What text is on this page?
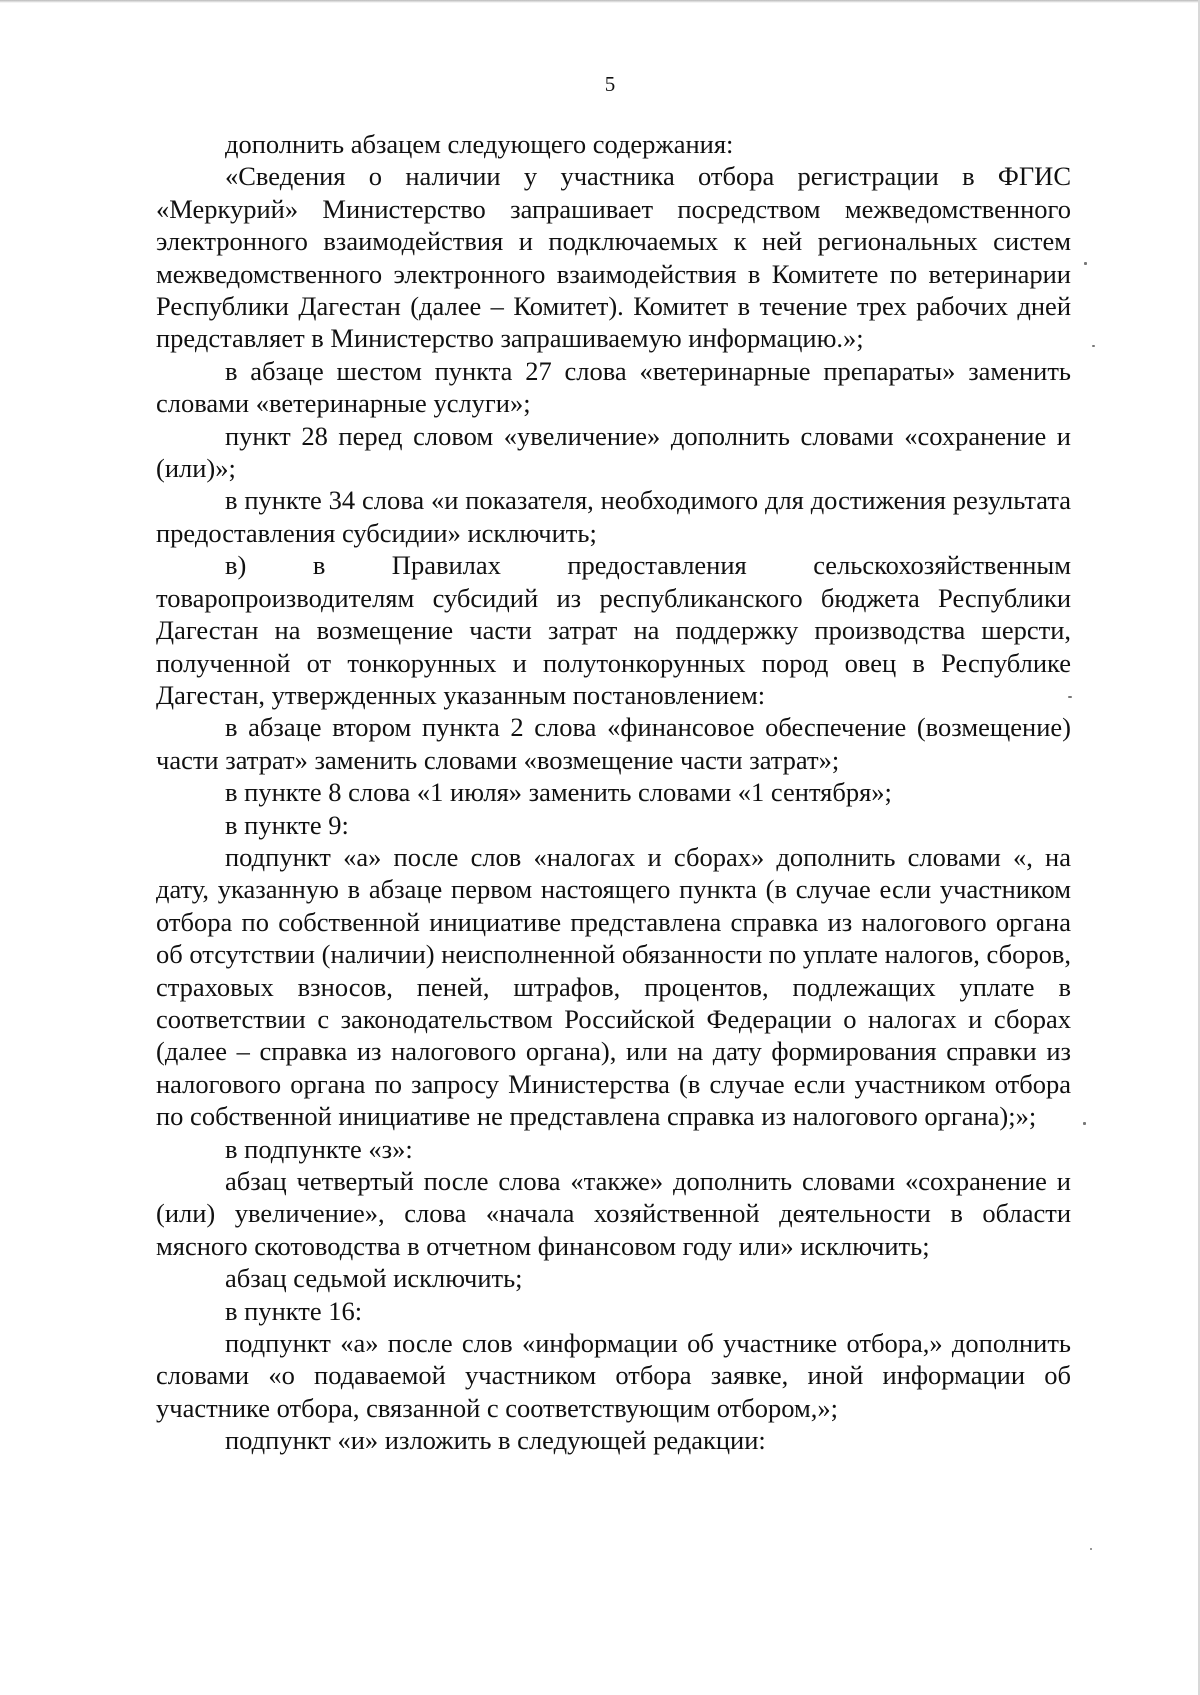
5

дополнить абзацем следующего содержания:

«Сведения о наличии у участника отбора регистрации в ФГИС «Меркурий» Министерство запрашивает посредством межведомственного электронного взаимодействия и подключаемых к ней региональных систем межведомственного электронного взаимодействия в Комитете по ветеринарии Республики Дагестан (далее – Комитет). Комитет в течение трех рабочих дней представляет в Министерство запрашиваемую информацию.»;

в абзаце шестом пункта 27 слова «ветеринарные препараты» заменить словами «ветеринарные услуги»;

пункт 28 перед словом «увеличение» дополнить словами «сохранение и (или)»;

в пункте 34 слова «и показателя, необходимого для достижения результата предоставления субсидии» исключить;

в) в Правилах предоставления сельскохозяйственным товаропроизводителям субсидий из республиканского бюджета Республики Дагестан на возмещение части затрат на поддержку производства шерсти, полученной от тонкорунных и полутонкорунных пород овец в Республике Дагестан, утвержденных указанным постановлением:

в абзаце втором пункта 2 слова «финансовое обеспечение (возмещение) части затрат» заменить словами «возмещение части затрат»;

в пункте 8 слова «1 июля» заменить словами «1 сентября»;

в пункте 9:

подпункт «а» после слов «налогах и сборах» дополнить словами «, на дату, указанную в абзаце первом настоящего пункта (в случае если участником отбора по собственной инициативе представлена справка из налогового органа об отсутствии (наличии) неисполненной обязанности по уплате налогов, сборов, страховых взносов, пеней, штрафов, процентов, подлежащих уплате в соответствии с законодательством Российской Федерации о налогах и сборах (далее – справка из налогового органа), или на дату формирования справки из налогового органа по запросу Министерства (в случае если участником отбора по собственной инициативе не представлена справка из налогового органа);»;

в подпункте «з»:

абзац четвертый после слова «также» дополнить словами «сохранение и (или) увеличение», слова «начала хозяйственной деятельности в области мясного скотоводства в отчетном финансовом году или» исключить;

абзац седьмой исключить;

в пункте 16:

подпункт «а» после слов «информации об участнике отбора,» дополнить словами «о подаваемой участником отбора заявке, иной информации об участнике отбора, связанной с соответствующим отбором,»;

подпункт «и» изложить в следующей редакции:
